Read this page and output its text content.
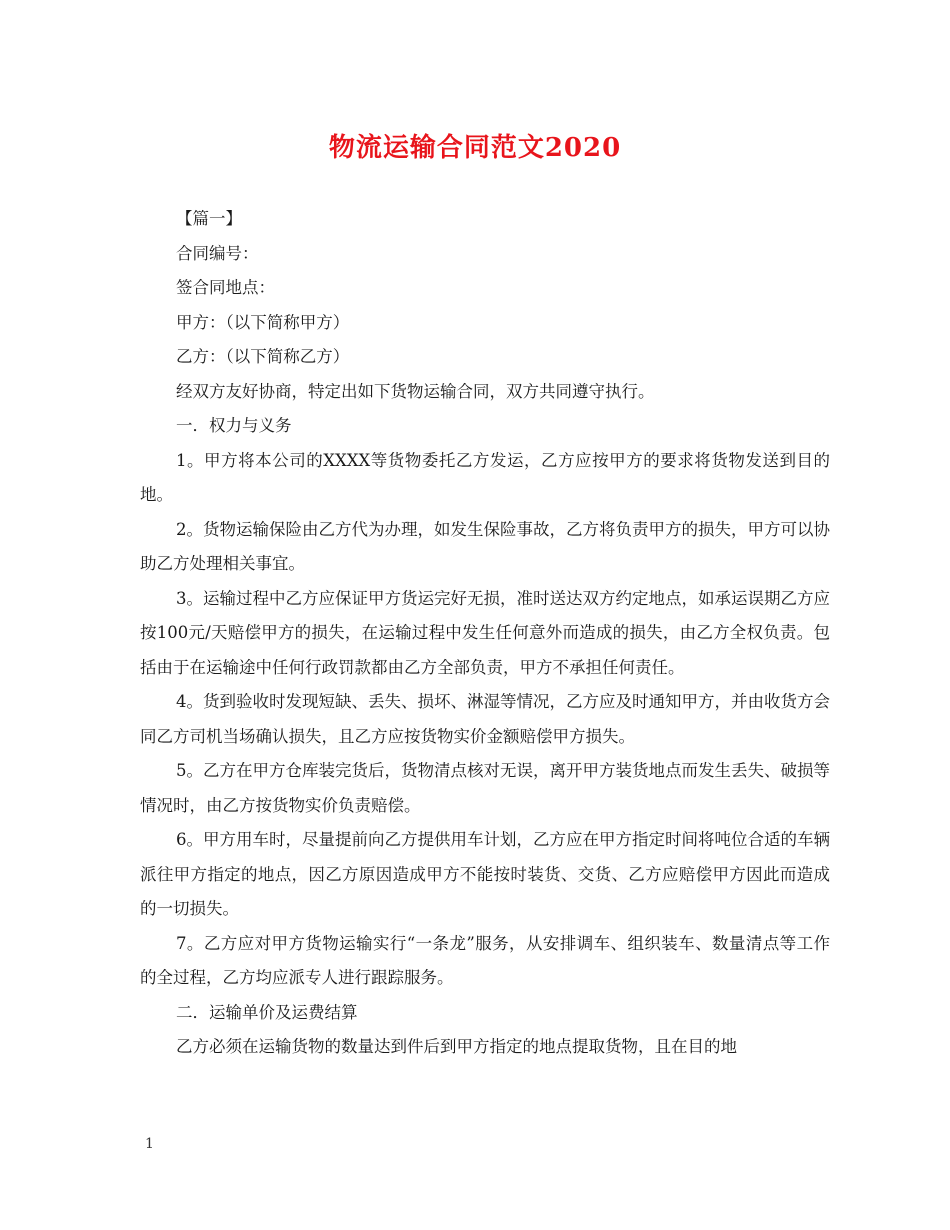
物流运输合同范文2020

【篇一】

合同编号：

签合同地点：

甲方：（以下简称甲方）

乙方：（以下简称乙方）

经双方友好协商，特定出如下货物运输合同，双方共同遵守执行。

一．权力与义务

1。甲方将本公司的XXXX等货物委托乙方发运，乙方应按甲方的要求将货物发送到目的地。

2。货物运输保险由乙方代为办理，如发生保险事故，乙方将负责甲方的损失，甲方可以协助乙方处理相关事宜。

3。运输过程中乙方应保证甲方货运完好无损，准时送达双方约定地点，如承运误期乙方应按100元/天赔偿甲方的损失，在运输过程中发生任何意外而造成的损失，由乙方全权负责。包括由于在运输途中任何行政罚款都由乙方全部负责，甲方不承担任何责任。

4。货到验收时发现短缺、丢失、损坏、淋湿等情况，乙方应及时通知甲方，并由收货方会同乙方司机当场确认损失，且乙方应按货物实价金额赔偿甲方损失。

5。乙方在甲方仓库装完货后，货物清点核对无误，离开甲方装货地点而发生丢失、破损等情况时，由乙方按货物实价负责赔偿。

6。甲方用车时，尽量提前向乙方提供用车计划，乙方应在甲方指定时间将吨位合适的车辆派往甲方指定的地点，因乙方原因造成甲方不能按时装货、交货、乙方应赔偿甲方因此而造成的一切损失。

7。乙方应对甲方货物运输实行“一条龙”服务，从安排调车、组织装车、数量清点等工作的全过程，乙方均应派专人进行跟踪服务。

二．运输单价及运费结算

乙方必须在运输货物的数量达到件后到甲方指定的地点提取货物，且在目的地

1
